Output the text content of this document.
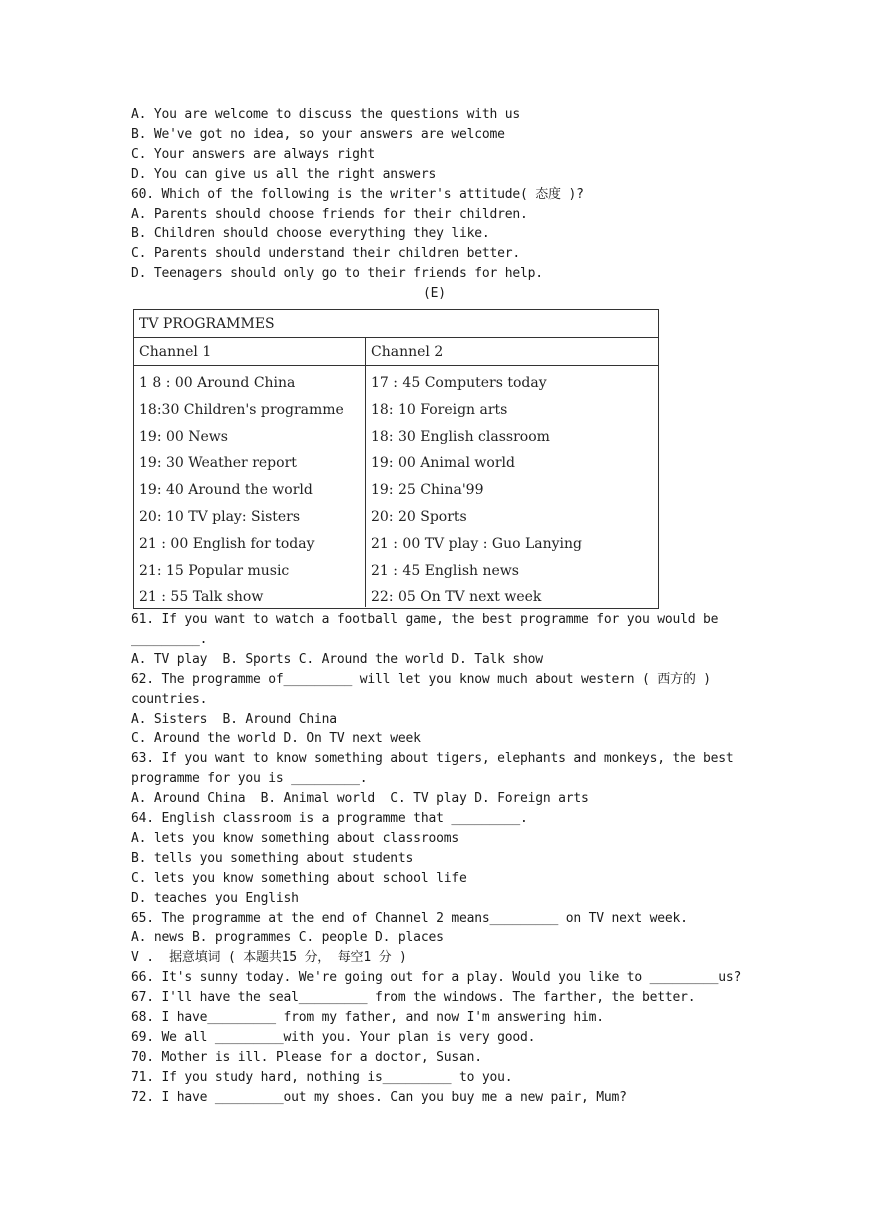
A. You are welcome to discuss the questions with us
B. We've got no idea, so your answers are welcome
C. Your answers are always right
D. You can give us all the right answers
60. Which of the following is the writer's attitude( 态度 )?
A. Parents should choose friends for their children.
B. Children should choose everything they like.
C. Parents should understand their children better.
D. Teenagers should only go to their friends for help.
(E)
TV PROGRAMMES
Channel 1	Channel 2
1 8 : 00 Around China
18:30 Children's programme
19: 00 News
19: 30 Weather report
19: 40 Around the world
20: 10 TV play: Sisters
21 : 00 English for today
21: 15 Popular music
21 : 55 Talk show
17 : 45 Computers today
18: 10 Foreign arts
18: 30 English classroom
19: 00 Animal world
19: 25 China'99
20: 20 Sports
21 : 00 TV play : Guo Lanying
21 : 45 English news
22: 05 On TV next week
61. If you want to watch a football game, the best programme for you would be
_________.
A. TV play  B. Sports C. Around the world D. Talk show
62. The programme of_________ will let you know much about western ( 西方的 )
countries.
A. Sisters  B. Around China
C. Around the world D. On TV next week
63. If you want to know something about tigers, elephants and monkeys, the best
programme for you is _________.
A. Around China  B. Animal world  C. TV play D. Foreign arts
64. English classroom is a programme that _________.
A. lets you know something about classrooms
B. tells you something about students
C. lets you know something about school life
D. teaches you English
65. The programme at the end of Channel 2 means_________ on TV next week.
A. news B. programmes C. people D. places
V .  据意填词 ( 本题共15 分， 每空1 分 )
66. It's sunny today. We're going out for a play. Would you like to _________us?
67. I'll have the seal_________ from the windows. The farther, the better.
68. I have_________ from my father, and now I'm answering him.
69. We all _________with you. Your plan is very good.
70. Mother is ill. Please for a doctor, Susan.
71. If you study hard, nothing is_________ to you.
72. I have _________out my shoes. Can you buy me a new pair, Mum?
